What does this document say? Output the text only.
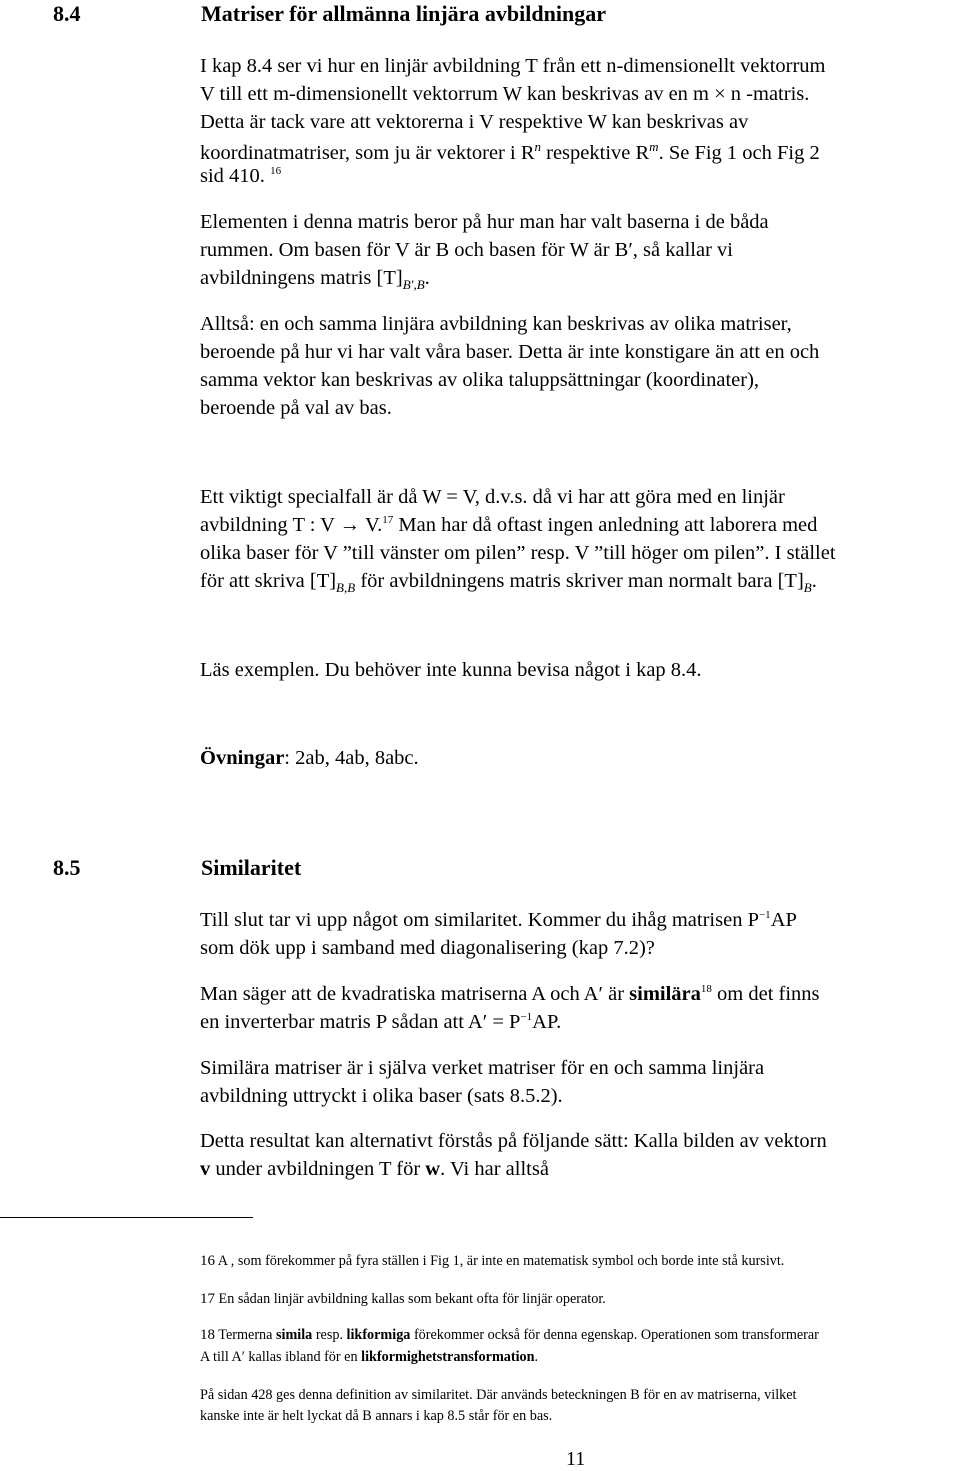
8.4	Matriser för allmänna linjära avbildningar
I kap 8.4 ser vi hur en linjär avbildning T från ett n-dimensionellt vektorrum
V till ett m-dimensionellt vektorrum W kan beskrivas av en m × n -matris.
Detta är tack vare att vektorerna i V respektive W kan beskrivas av
koordinatmatriser, som ju är vektorer i $R^n$ respektive $R^m$. Se Fig 1 och Fig 2
sid 410. $^{16}$
Elementen i denna matris beror på hur man har valt baserna i de båda
rummen. Om basen för V är B och basen för W är B′, så kallar vi
avbildningens matris $[T]_{B',B}$.
Alltså: en och samma linjära avbildning kan beskrivas av olika matriser,
beroende på hur vi har valt våra baser. Detta är inte konstigare än att en och
samma vektor kan beskrivas av olika taluppsättningar (koordinater),
beroende på val av bas.
Ett viktigt specialfall är då W = V, d.v.s. då vi har att göra med en linjär
avbildning T : V → V.$^{17}$ Man har då oftast ingen anledning att laborera med
olika baser för V ”till vänster om pilen” resp. V ”till höger om pilen”. I stället
för att skriva $[T]_{B,B}$ för avbildningens matris skriver man normalt bara $[T]_B$.
Läs exemplen. Du behöver inte kunna bevisa något i kap 8.4.
Övningar: 2ab, 4ab, 8abc.
8.5	Similaritet
Till slut tar vi upp något om similaritet. Kommer du ihåg matrisen $P^{-1}AP$
som dök upp i samband med diagonalisering (kap 7.2)?
Man säger att de kvadratiska matriserna A och A′ är similära$^{18}$ om det finns
en inverterbar matris P sådan att $A' = P^{-1}AP$.
Similära matriser är i själva verket matriser för en och samma linjära
avbildning uttryckt i olika baser (sats 8.5.2).
Detta resultat kan alternativt förstås på följande sätt: Kalla bilden av vektorn
v under avbildningen T för w. Vi har alltså
16 A , som förekommer på fyra ställen i Fig 1, är inte en matematisk symbol och borde inte stå kursivt.
17 En sådan linjär avbildning kallas som bekant ofta för linjär operator.
18 Termerna simila resp. likformiga förekommer också för denna egenskap. Operationen som transformerar
A till A′ kallas ibland för en likformighetstransformation.
På sidan 428 ges denna definition av similaritet. Där används beteckningen B för en av matriserna, vilket
kanske inte är helt lyckat då B annars i kap 8.5 står för en bas.
11
